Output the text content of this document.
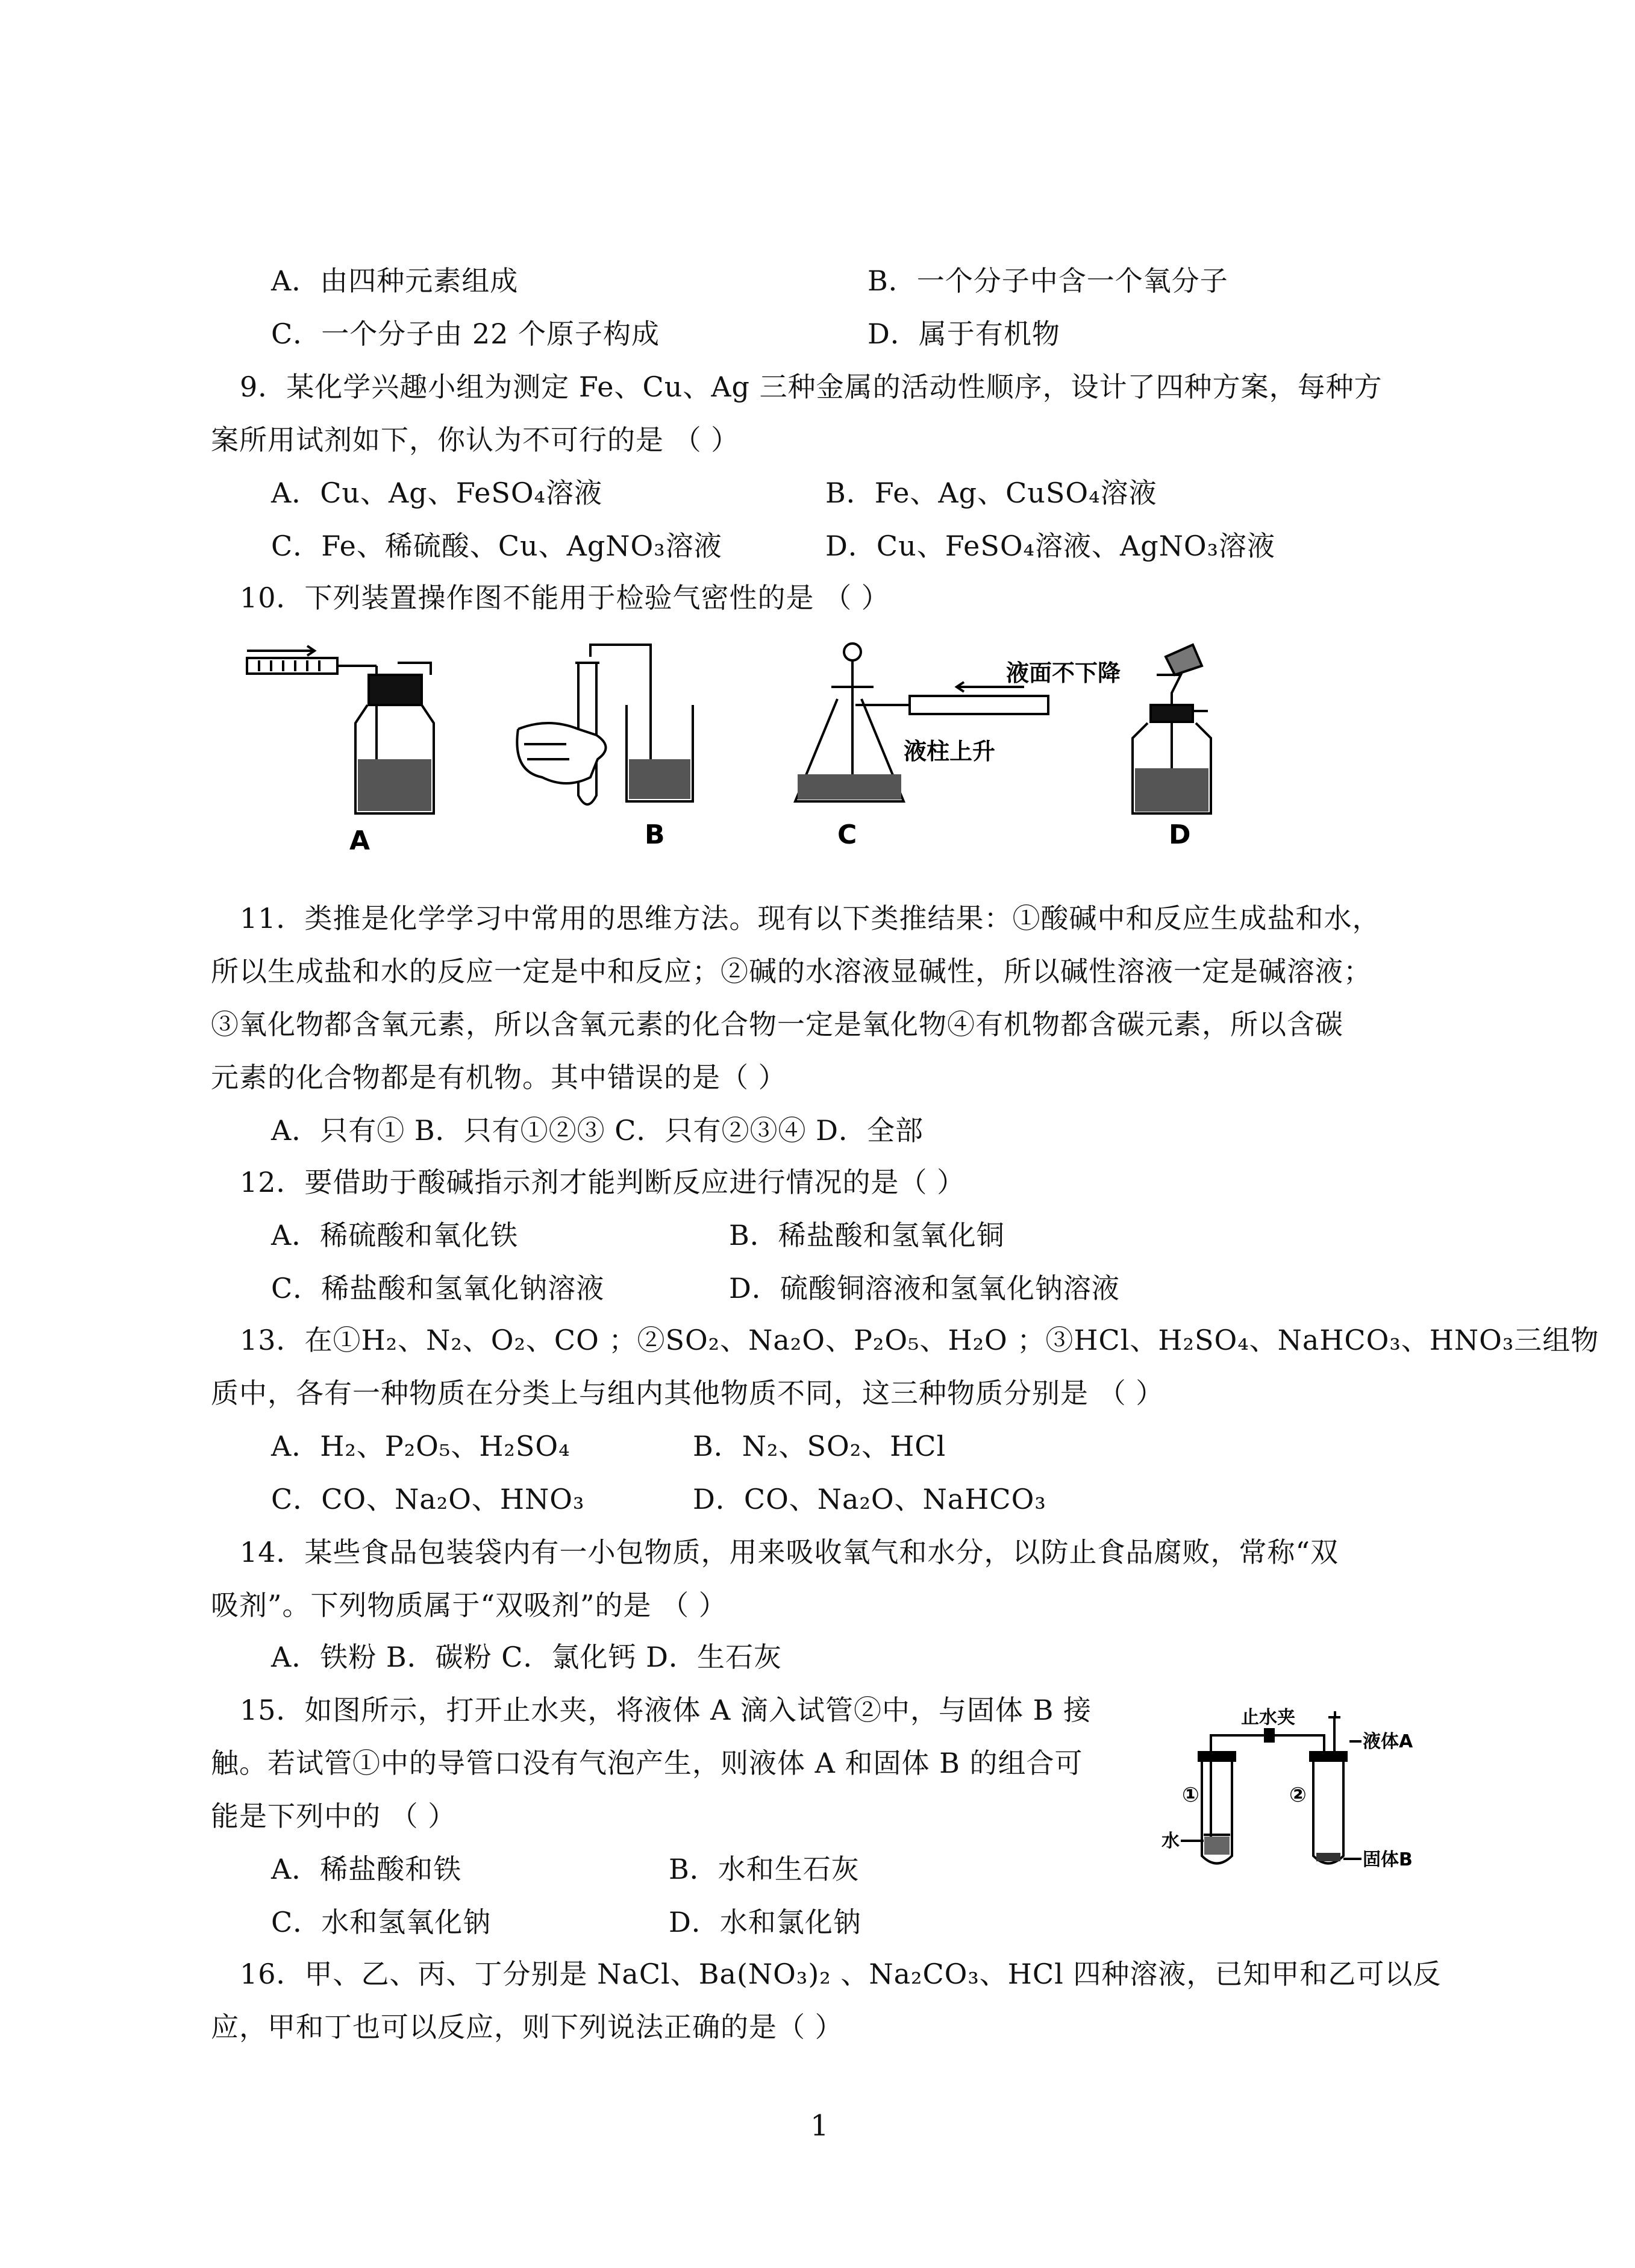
A．由四种元素组成	B．一个分子中含一个氧分子
C．一个分子由 22 个原子构成	D．属于有机物
9．某化学兴趣小组为测定 Fe、Cu、Ag 三种金属的活动性顺序，设计了四种方案，每种方
案所用试剂如下，你认为不可行的是 （ ）
A．Cu、Ag、FeSO₄溶液	B．Fe、Ag、CuSO₄溶液
C．Fe、稀硫酸、Cu、AgNO₃溶液	D．Cu、FeSO₄溶液、AgNO₃溶液
10．下列装置操作图不能用于检验气密性的是 （ ）
A	B
液柱上升
C
液面不下降
D
11．类推是化学学习中常用的思维方法。现有以下类推结果：①酸碱中和反应生成盐和水，
所以生成盐和水的反应一定是中和反应；②碱的水溶液显碱性，所以碱性溶液一定是碱溶液；
③氧化物都含氧元素，所以含氧元素的化合物一定是氧化物④有机物都含碳元素，所以含碳
元素的化合物都是有机物。其中错误的是（ ）
A．只有① B．只有①②③ C．只有②③④ D．全部
12．要借助于酸碱指示剂才能判断反应进行情况的是（ ）
A．稀硫酸和氧化铁	B．稀盐酸和氢氧化铜
C．稀盐酸和氢氧化钠溶液	D．硫酸铜溶液和氢氧化钠溶液
13．在①H₂、N₂、O₂、CO ；②SO₂、Na₂O、P₂O₅、H₂O ；③HCl、H₂SO₄、NaHCO₃、HNO₃三组物
质中，各有一种物质在分类上与组内其他物质不同，这三种物质分别是 （ ）
A．H₂、P₂O₅、H₂SO₄	B．N₂、SO₂、HCl
C．CO、Na₂O、HNO₃	D．CO、Na₂O、NaHCO₃
14．某些食品包装袋内有一小包物质，用来吸收氧气和水分，以防止食品腐败，常称“双
吸剂”。下列物质属于“双吸剂”的是 （ ）
A．铁粉 B．碳粉 C．氯化钙 D．生石灰
15．如图所示，打开止水夹，将液体 A 滴入试管②中，与固体 B 接
触。若试管①中的导管口没有气泡产生，则液体 A 和固体 B 的组合可
能是下列中的 （ ）
A．稀盐酸和铁	B．水和生石灰
C．水和氢氧化钠	D．水和氯化钠
止水夹
液体A
①	②
水
固体B
16．甲、乙、丙、丁分别是 NaCl、Ba(NO₃)₂ 、Na₂CO₃、HCl 四种溶液，已知甲和乙可以反
应，甲和丁也可以反应，则下列说法正确的是（ ）
1
